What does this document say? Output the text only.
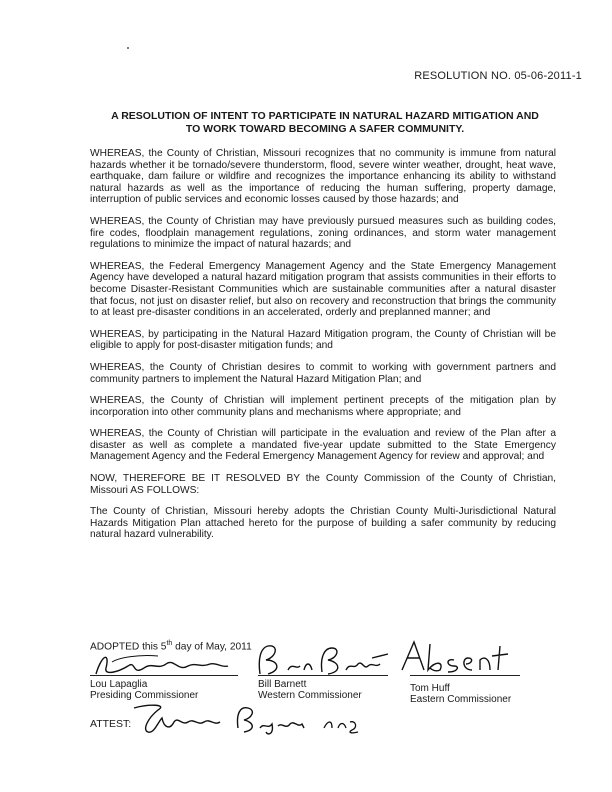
RESOLUTION NO. 05-06-2011-1
A RESOLUTION OF INTENT TO PARTICIPATE IN NATURAL HAZARD MITIGATION AND
TO WORK TOWARD BECOMING A SAFER COMMUNITY.

WHEREAS, the County of Christian, Missouri recognizes that no community is immune from natural hazards whether it be tornado/severe thunderstorm, flood, severe winter weather, drought, heat wave, earthquake, dam failure or wildfire and recognizes the importance enhancing its ability to withstand natural hazards as well as the importance of reducing the human suffering, property damage, interruption of public services and economic losses caused by those hazards; and

WHEREAS, the County of Christian may have previously pursued measures such as building codes, fire codes, floodplain management regulations, zoning ordinances, and storm water management regulations to minimize the impact of natural hazards; and

WHEREAS, the Federal Emergency Management Agency and the State Emergency Management Agency have developed a natural hazard mitigation program that assists communities in their efforts to become Disaster-Resistant Communities which are sustainable communities after a natural disaster that focus, not just on disaster relief, but also on recovery and reconstruction that brings the community to at least pre-disaster conditions in an accelerated, orderly and preplanned manner; and

WHEREAS, by participating in the Natural Hazard Mitigation program, the County of Christian will be eligible to apply for post-disaster mitigation funds; and

WHEREAS, the County of Christian desires to commit to working with government partners and community partners to implement the Natural Hazard Mitigation Plan; and

WHEREAS, the County of Christian will implement pertinent precepts of the mitigation plan by incorporation into other community plans and mechanisms where appropriate; and

WHEREAS, the County of Christian will participate in the evaluation and review of the Plan after a disaster as well as complete a mandated five-year update submitted to the State Emergency Management Agency and the Federal Emergency Management Agency for review and approval; and

NOW, THEREFORE BE IT RESOLVED BY the County Commission of the County of Christian, Missouri AS FOLLOWS:

The County of Christian, Missouri hereby adopts the Christian County Multi-Jurisdictional Natural Hazards Mitigation Plan attached hereto for the purpose of building a safer community by reducing natural hazard vulnerability.

ADOPTED this 5th day of May, 2011
Lou Lapaglia
Presiding Commissioner
Bill Barnett
Western Commissioner
Tom Huff
Eastern Commissioner
ATTEST:
